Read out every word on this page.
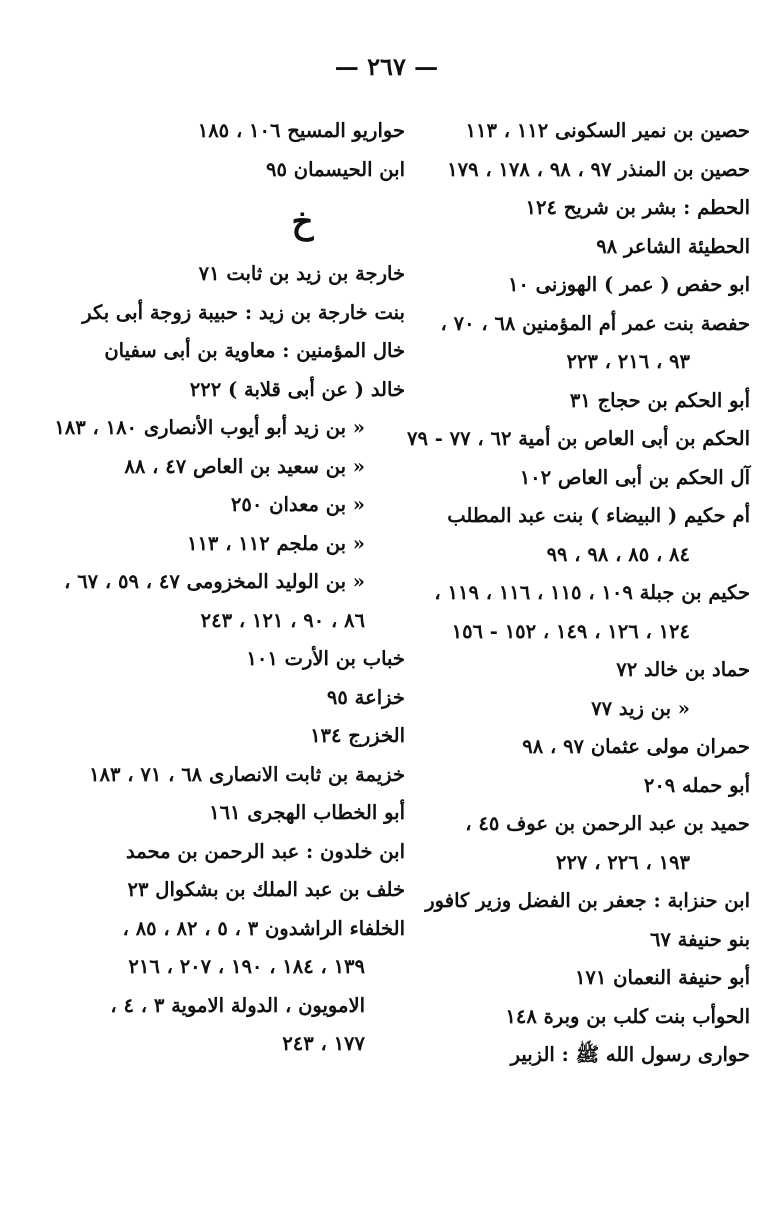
— ٢٦٧ —
حصين بن نمير السكونى ١١٢ ، ١١٣
حصين بن المنذر ٩٧ ، ٩٨ ، ١٧٨ ، ١٧٩
الحطم : بشر بن شريح ١٢٤
الحطيئة الشاعر ٩٨
ابو حفص ( عمر ) الهوزنى ١٠
حفصة بنت عمر أم المؤمنين ٦٨ ، ٧٠ ،
٩٣ ، ٢١٦ ، ٢٢٣
أبو الحكم بن حجاج ٣١
الحكم بن أبى العاص بن أمية ٦٢ ، ٧٧ - ٧٩
آل الحكم بن أبى العاص ١٠٢
أم حكيم ( البيضاء ) بنت عبد المطلب
٨٤ ، ٨٥ ، ٩٨ ، ٩٩
حكيم بن جبلة ١٠٩ ، ١١٥ ، ١١٦ ، ١١٩ ،
١٢٤ ، ١٢٦ ، ١٤٩ ، ١٥٢ - ١٥٦
حماد بن خالد ٧٢
« بن زيد ٧٧
حمران مولى عثمان ٩٧ ، ٩٨
أبو حمله ٢٠٩
حميد بن عبد الرحمن بن عوف ٤٥ ،
١٩٣ ، ٢٢٦ ، ٢٢٧
ابن حنزابة : جعفر بن الفضل وزير كافور
بنو حنيفة ٦٧
أبو حنيفة النعمان ١٧١
الحوأب بنت كلب بن وبرة ١٤٨
حوارى رسول الله ﷺ : الزبير
حواريو المسيح ١٠٦ ، ١٨٥
ابن الحيسمان ٩٥
خ
خارجة بن زيد بن ثابت ٧١
بنت خارجة بن زيد : حبيبة زوجة أبى بكر
خال المؤمنين : معاوية بن أبى سفيان
خالد ( عن أبى قلابة ) ٢٢٢
« بن زيد أبو أيوب الأنصارى ١٨٠ ، ١٨٣
« بن سعيد بن العاص ٤٧ ، ٨٨
« بن معدان ٢٥٠
« بن ملجم ١١٢ ، ١١٣
« بن الوليد المخزومى ٤٧ ، ٥٩ ، ٦٧ ،
٨٦ ، ٩٠ ، ١٢١ ، ٢٤٣
خباب بن الأرت ١٠١
خزاعة ٩٥
الخزرج ١٣٤
خزيمة بن ثابت الانصارى ٦٨ ، ٧١ ، ١٨٣
أبو الخطاب الهجرى ١٦١
ابن خلدون : عبد الرحمن بن محمد
خلف بن عبد الملك بن بشكوال ٢٣
الخلفاء الراشدون ٣ ، ٥ ، ٨٢ ، ٨٥ ،
١٣٩ ، ١٨٤ ، ١٩٠ ، ٢٠٧ ، ٢١٦
الامويون ، الدولة الاموية ٣ ، ٤ ،
١٧٧ ، ٢٤٣
